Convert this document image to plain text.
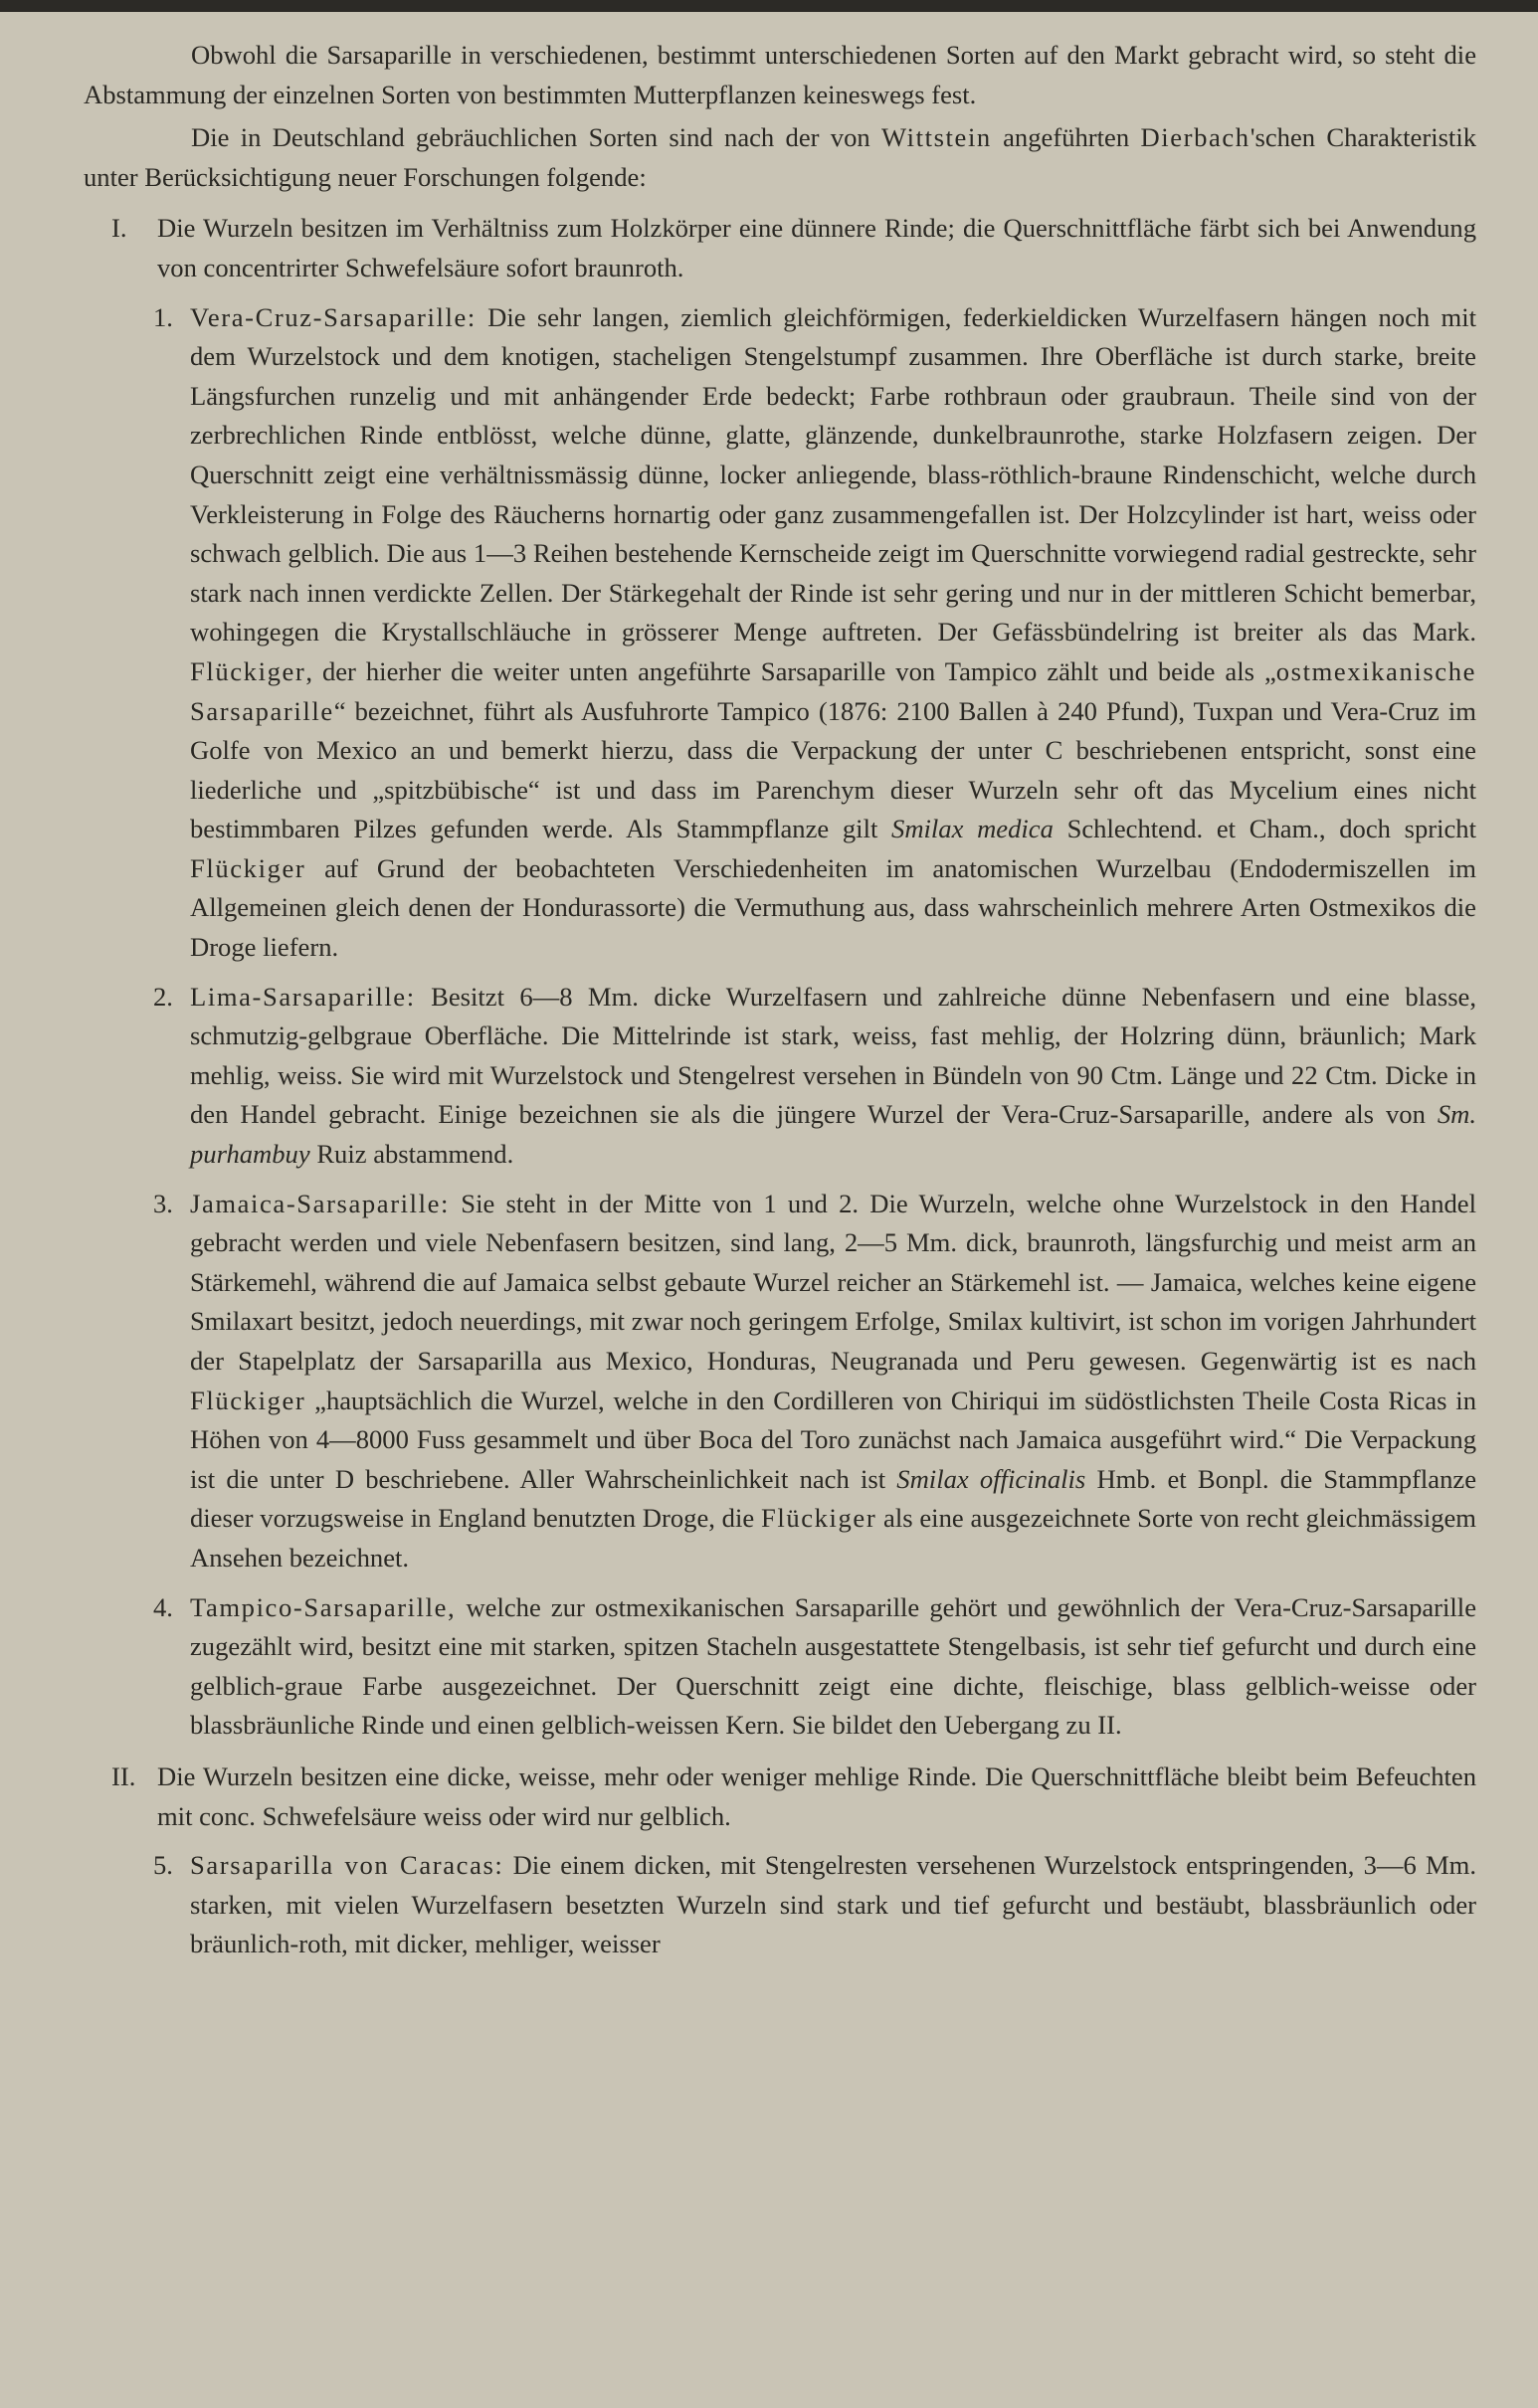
Obwohl die Sarsaparille in verschiedenen, bestimmt unterschiedenen Sorten auf den Markt gebracht wird, so steht die Abstammung der einzelnen Sorten von bestimmten Mutterpflanzen keineswegs fest.

Die in Deutschland gebräuchlichen Sorten sind nach der von Wittstein angeführten Dierbach'schen Charakteristik unter Berücksichtigung neuer Forschungen folgende:

I. Die Wurzeln besitzen im Verhältniss zum Holzkörper eine dünnere Rinde; die Querschnittfläche färbt sich bei Anwendung von concentrirter Schwefelsäure sofort braunroth.
1. Vera-Cruz-Sarsaparille: Die sehr langen, ziemlich gleichförmigen, federkieldicken Wurzelfasern hängen noch mit dem Wurzelstock und dem knotigen, stacheligen Stengelstumpf zusammen. Ihre Oberfläche ist durch starke, breite Längsfurchen runzelig und mit anhängender Erde bedeckt; Farbe rothbraun oder graubraun. Theile sind von der zerbrechlichen Rinde entblösst, welche dünne, glatte, glänzende, dunkelbraunrothe, starke Holzfasern zeigen. Der Querschnitt zeigt eine verhältnissmässig dünne, locker anliegende, blass-röthlich-braune Rindenschicht, welche durch Verkleisterung in Folge des Räucherns hornartig oder ganz zusammengefallen ist. Der Holzcylinder ist hart, weiss oder schwach gelblich. Die aus 1—3 Reihen bestehende Kernscheide zeigt im Querschnitte vorwiegend radial gestreckte, sehr stark nach innen verdickte Zellen. Der Stärkegehalt der Rinde ist sehr gering und nur in der mittleren Schicht bemerbar, wohingegen die Krystallschläuche in grösserer Menge auftreten. Der Gefässbündelring ist breiter als das Mark. Flückiger, der hierher die weiter unten angeführte Sarsaparille von Tampico zählt und beide als „ostmexikanische Sarsaparille“ bezeichnet, führt als Ausfuhrorte Tampico (1876: 2100 Ballen à 240 Pfund), Tuxpan und Vera-Cruz im Golfe von Mexico an und bemerkt hierzu, dass die Verpackung der unter C beschriebenen entspricht, sonst eine liederliche und „spitzbübische“ ist und dass im Parenchym dieser Wurzeln sehr oft das Mycelium eines nicht bestimmbaren Pilzes gefunden werde. Als Stammpflanze gilt Smilax medica Schlechtend. et Cham., doch spricht Flückiger auf Grund der beobachteten Verschiedenheiten im anatomischen Wurzelbau (Endodermiszellen im Allgemeinen gleich denen der Hondurassorte) die Vermuthung aus, dass wahrscheinlich mehrere Arten Ostmexikos die Droge liefern.
2. Lima-Sarsaparille: Besitzt 6—8 Mm. dicke Wurzelfasern und zahlreiche dünne Nebenfasern und eine blasse, schmutzig-gelbgraue Oberfläche. Die Mittelrinde ist stark, weiss, fast mehlig, der Holzring dünn, bräunlich; Mark mehlig, weiss. Sie wird mit Wurzelstock und Stengelrest versehen in Bündeln von 90 Ctm. Länge und 22 Ctm. Dicke in den Handel gebracht. Einige bezeichnen sie als die jüngere Wurzel der Vera-Cruz-Sarsaparille, andere als von Sm. purhambuy Ruiz abstammend.
3. Jamaica-Sarsaparille: Sie steht in der Mitte von 1 und 2. Die Wurzeln, welche ohne Wurzelstock in den Handel gebracht werden und viele Nebenfasern besitzen, sind lang, 2—5 Mm. dick, braunroth, längsfurchig und meist arm an Stärkemehl, während die auf Jamaica selbst gebaute Wurzel reicher an Stärkemehl ist. — Jamaica, welches keine eigene Smilaxart besitzt, jedoch neuerdings, mit zwar noch geringem Erfolge, Smilax kultivirt, ist schon im vorigen Jahrhundert der Stapelplatz der Sarsaparilla aus Mexico, Honduras, Neugranada und Peru gewesen. Gegenwärtig ist es nach Flückiger „hauptsächlich die Wurzel, welche in den Cordilleren von Chiriqui im südöstlichsten Theile Costa Ricas in Höhen von 4—8000 Fuss gesammelt und über Boca del Toro zunächst nach Jamaica ausgeführt wird.“ Die Verpackung ist die unter D beschriebene. Aller Wahrscheinlichkeit nach ist Smilax officinalis Hmb. et Bonpl. die Stammpflanze dieser vorzugsweise in England benutzten Droge, die Flückiger als eine ausgezeichnete Sorte von recht gleichmässigem Ansehen bezeichnet.
4. Tampico-Sarsaparille, welche zur ostmexikanischen Sarsaparille gehört und gewöhnlich der Vera-Cruz-Sarsaparille zugezählt wird, besitzt eine mit starken, spitzen Stacheln ausgestattete Stengelbasis, ist sehr tief gefurcht und durch eine gelblich-graue Farbe ausgezeichnet. Der Querschnitt zeigt eine dichte, fleischige, blass gelblich-weisse oder blassbräunliche Rinde und einen gelblich-weissen Kern. Sie bildet den Uebergang zu II.
II. Die Wurzeln besitzen eine dicke, weisse, mehr oder weniger mehlige Rinde. Die Querschnittfläche bleibt beim Befeuchten mit conc. Schwefelsäure weiss oder wird nur gelblich.
5. Sarsaparilla von Caracas: Die einem dicken, mit Stengelresten versehenen Wurzelstock entspringenden, 3—6 Mm. starken, mit vielen Wurzelfasern besetzten Wurzeln sind stark und tief gefurcht und bestäubt, blassbräunlich oder bräunlich-roth, mit dicker, mehliger, weisser
